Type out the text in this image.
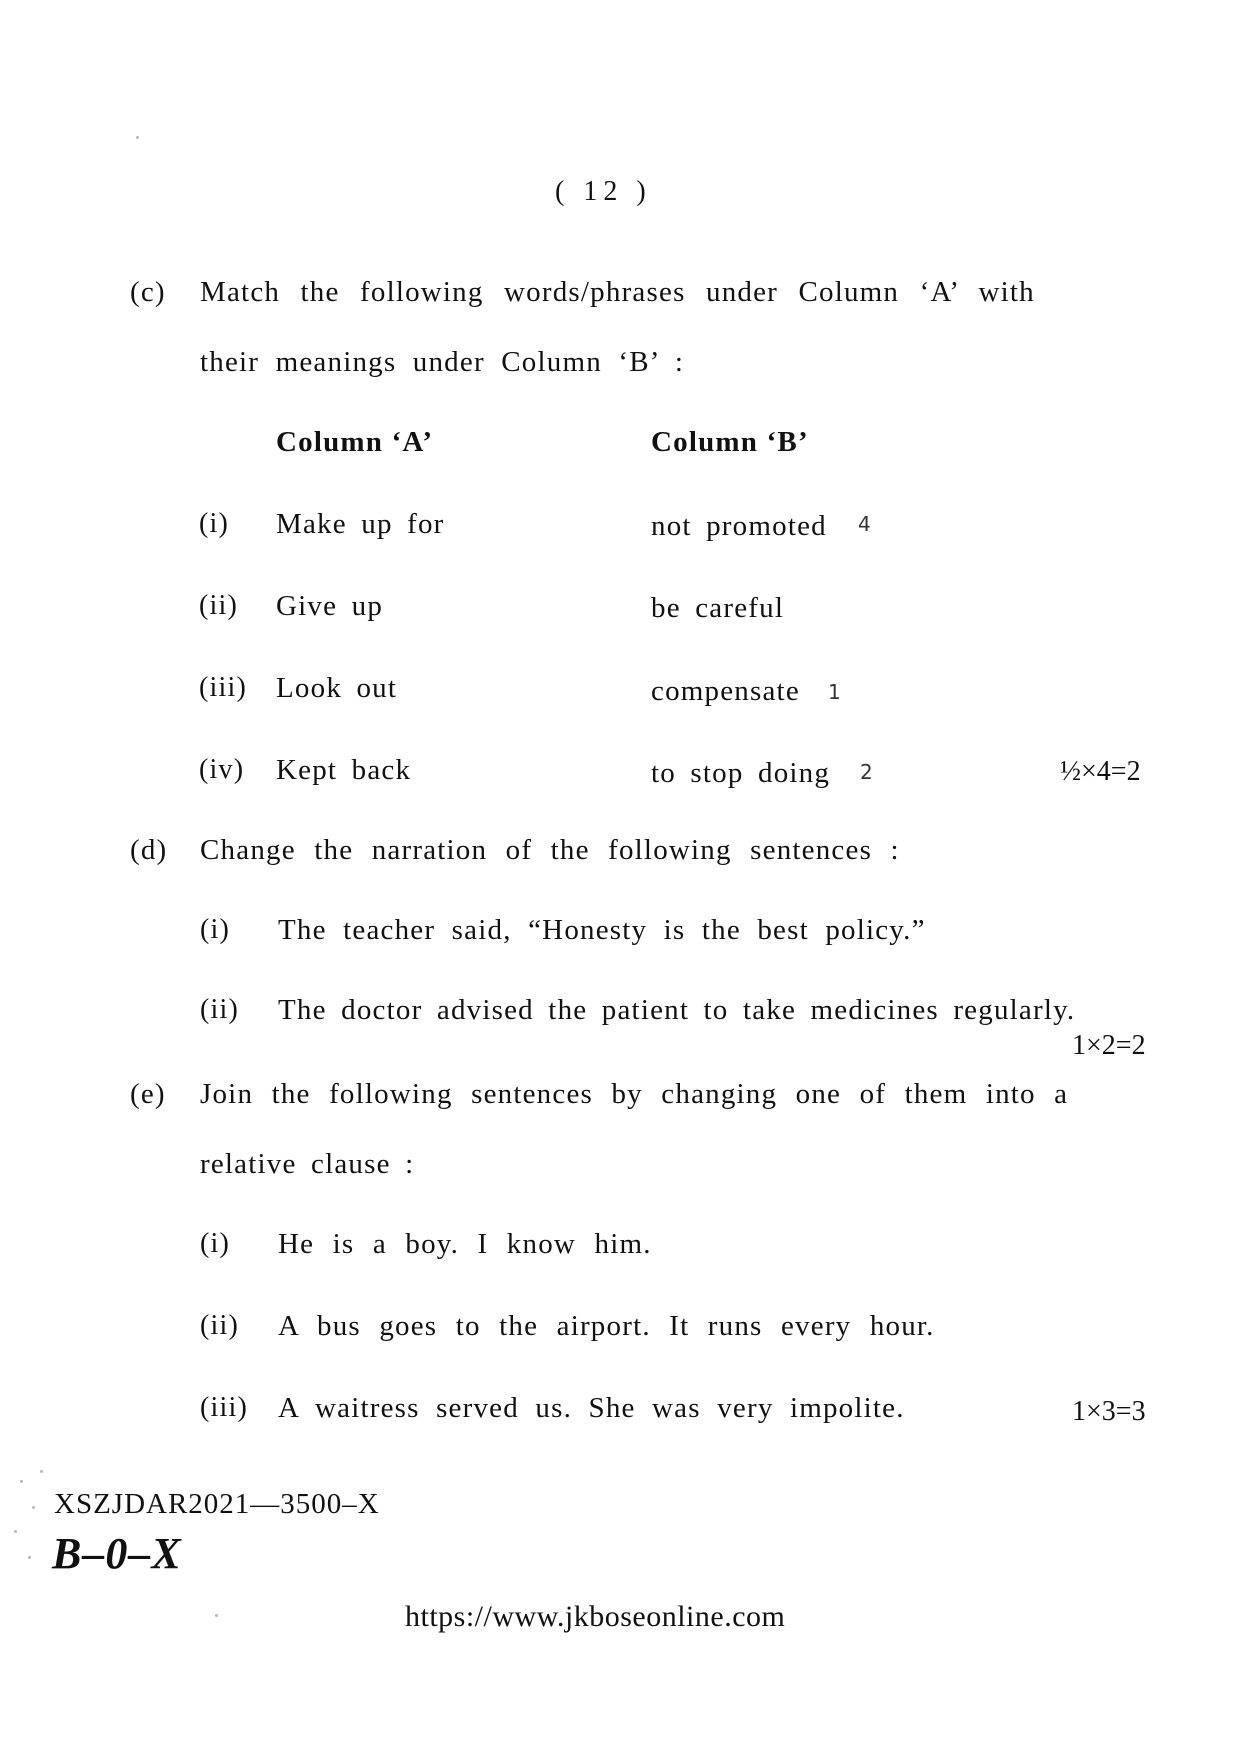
( 12 )
(c) Match the following words/phrases under Column ‘A’ with
their meanings under Column ‘B’ :
Column ‘A’	Column ‘B’
(i) Make up for	not promoted 4
(ii) Give up	be careful
(iii) Look out	compensate 1
(iv) Kept back	to stop doing 2	½×4=2
(d) Change the narration of the following sentences :
(i) The teacher said, “Honesty is the best policy.”
(ii) The doctor advised the patient to take medicines regularly.
1×2=2
(e) Join the following sentences by changing one of them into a
relative clause :
(i) He is a boy. I know him.
(ii) A bus goes to the airport. It runs every hour.
(iii) A waitress served us. She was very impolite.	1×3=3
XSZJDAR2021—3500–X
B–0–X
https://www.jkboseonline.com
